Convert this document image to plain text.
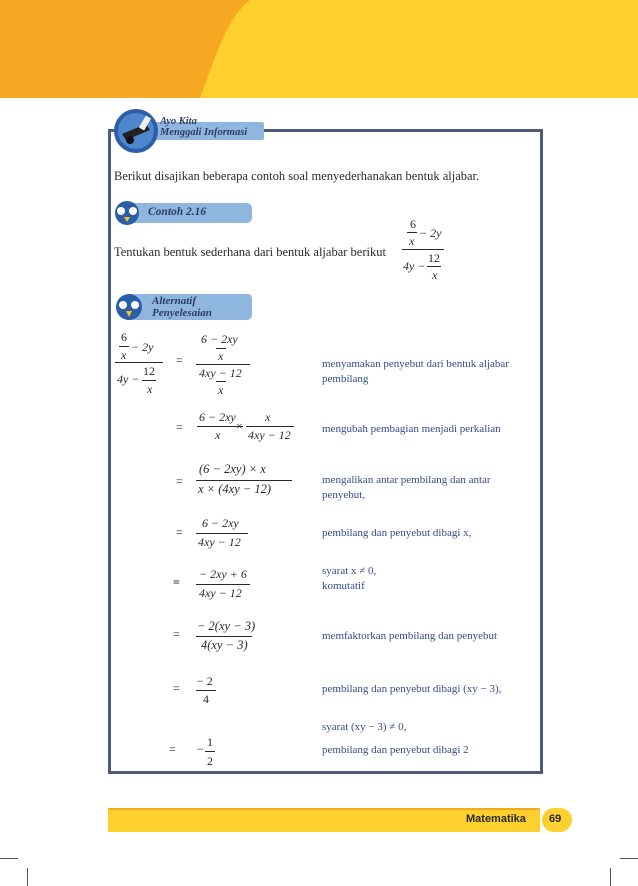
Ayo Kita
Menggali Informasi
Berikut disajikan beberapa contoh soal menyederhanakan bentuk aljabar.
Contoh 2.16
Tentukan bentuk sederhana dari bentuk aljabar berikut
6
x
− 2y
4y −
12
x
Alternatif
Penyelesaian
6
x
− 2y
4y −
12
x
=
6 − 2xy
x
4xy − 12
x
menyamakan penyebut dari bentuk aljabar pembilang
=
6 − 2xy
x
×
x
4xy − 12	mengubah pembagian menjadi perkalian
=
(6 − 2xy) × x
x × (4xy − 12)
mengalikan antar pembilang dan antar penyebut,
=
6 − 2xy
4xy − 12
pembilang dan penyebut dibagi x,
=
− 2xy + 6
4xy − 12
syarat x ≠ 0, komutatif
=
− 2(xy − 3)
4(xy − 3)
memfaktorkan pembilang dan penyebut
= − 2
4
pembilang dan penyebut dibagi (xy − 3),
syarat (xy − 3) ≠ 0,
= − 1
2
pembilang dan penyebut dibagi 2
Matematika 69
